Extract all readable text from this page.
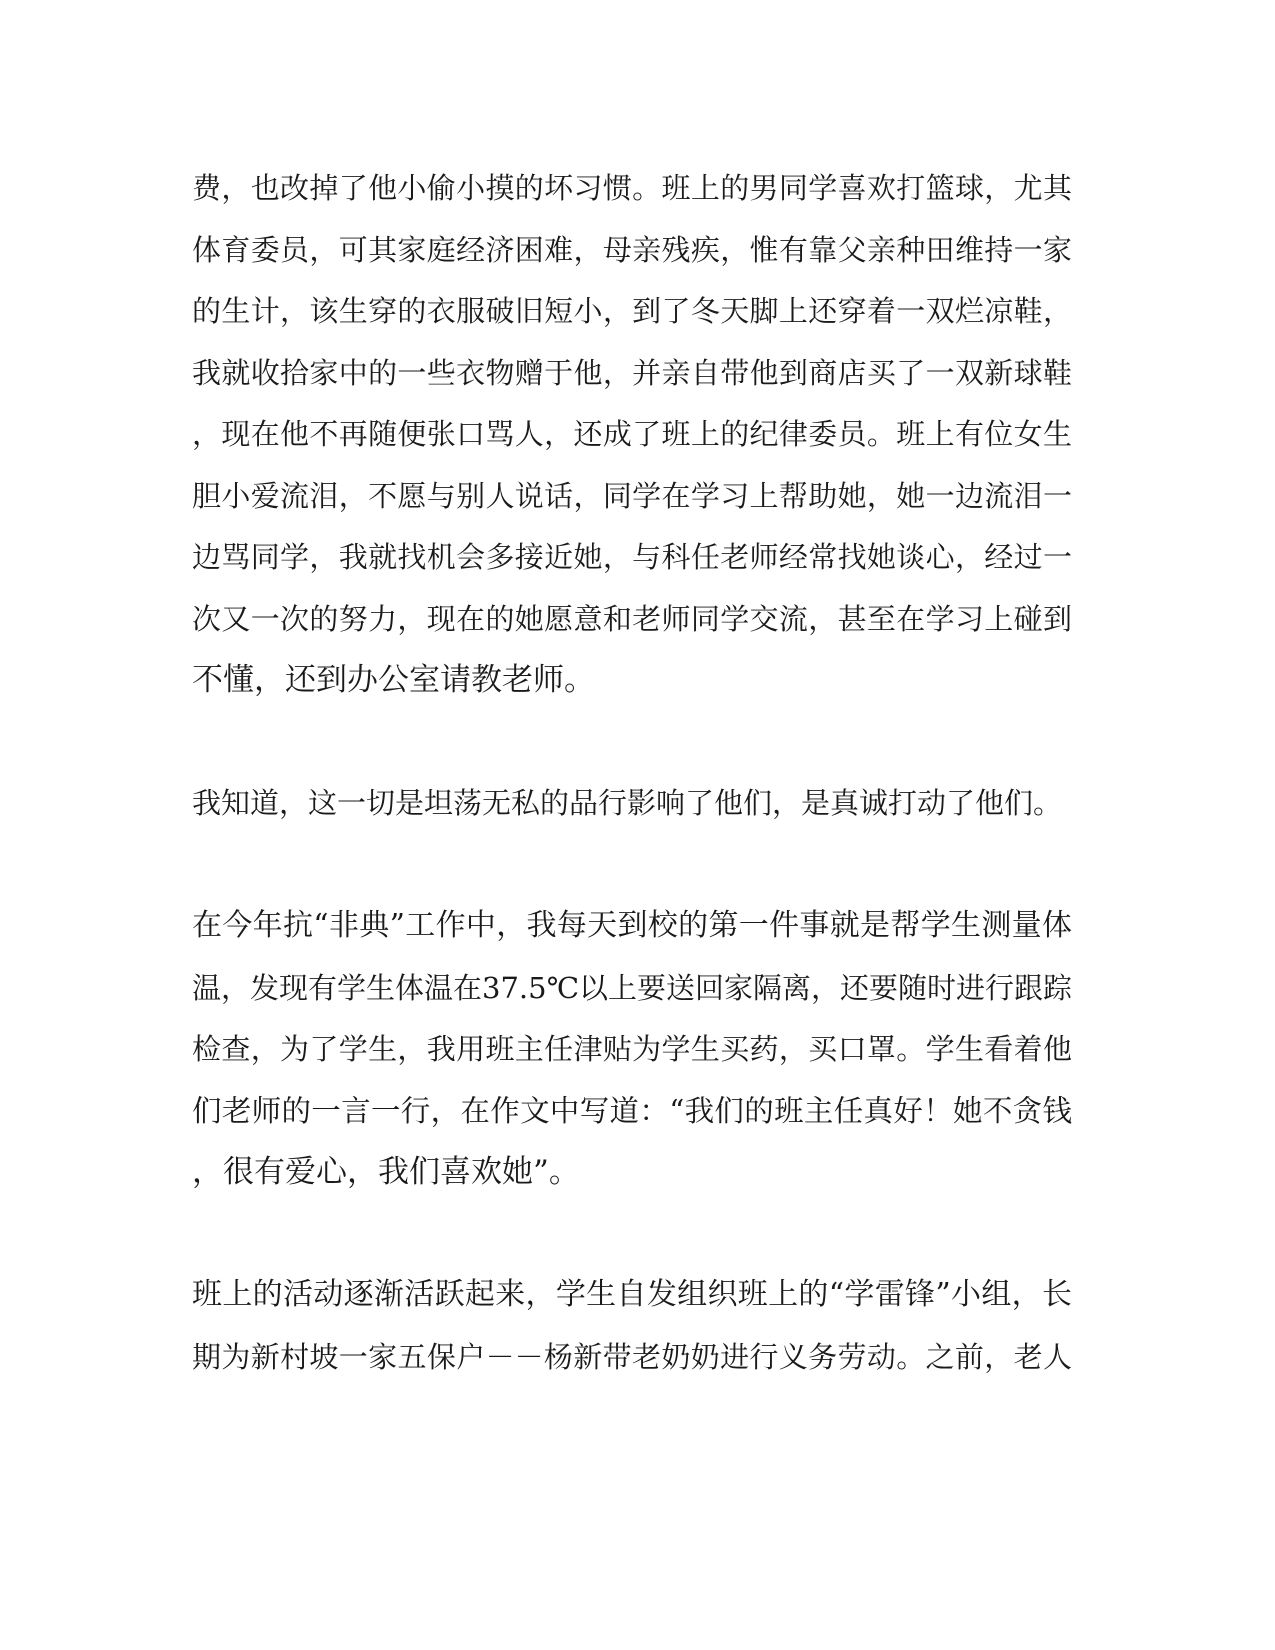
费，也改掉了他小偷小摸的坏习惯。班上的男同学喜欢打篮球，尤其
体育委员，可其家庭经济困难，母亲残疾，惟有靠父亲种田维持一家
的生计，该生穿的衣服破旧短小，到了冬天脚上还穿着一双烂凉鞋，
我就收拾家中的一些衣物赠于他，并亲自带他到商店买了一双新球鞋
，现在他不再随便张口骂人，还成了班上的纪律委员。班上有位女生
胆小爱流泪，不愿与别人说话，同学在学习上帮助她，她一边流泪一
边骂同学，我就找机会多接近她，与科任老师经常找她谈心，经过一
次又一次的努力，现在的她愿意和老师同学交流，甚至在学习上碰到
不懂，还到办公室请教老师。
我知道，这一切是坦荡无私的品行影响了他们，是真诚打动了他们。
在今年抗“非典”工作中，我每天到校的第一件事就是帮学生测量体
温，发现有学生体温在37.5℃以上要送回家隔离，还要随时进行跟踪
检查，为了学生，我用班主任津贴为学生买药，买口罩。学生看着他
们老师的一言一行，在作文中写道：“我们的班主任真好！她不贪钱
，很有爱心，我们喜欢她”。
班上的活动逐渐活跃起来，学生自发组织班上的“学雷锋”小组，长
期为新村坡一家五保户－－杨新带老奶奶进行义务劳动。之前，老人
